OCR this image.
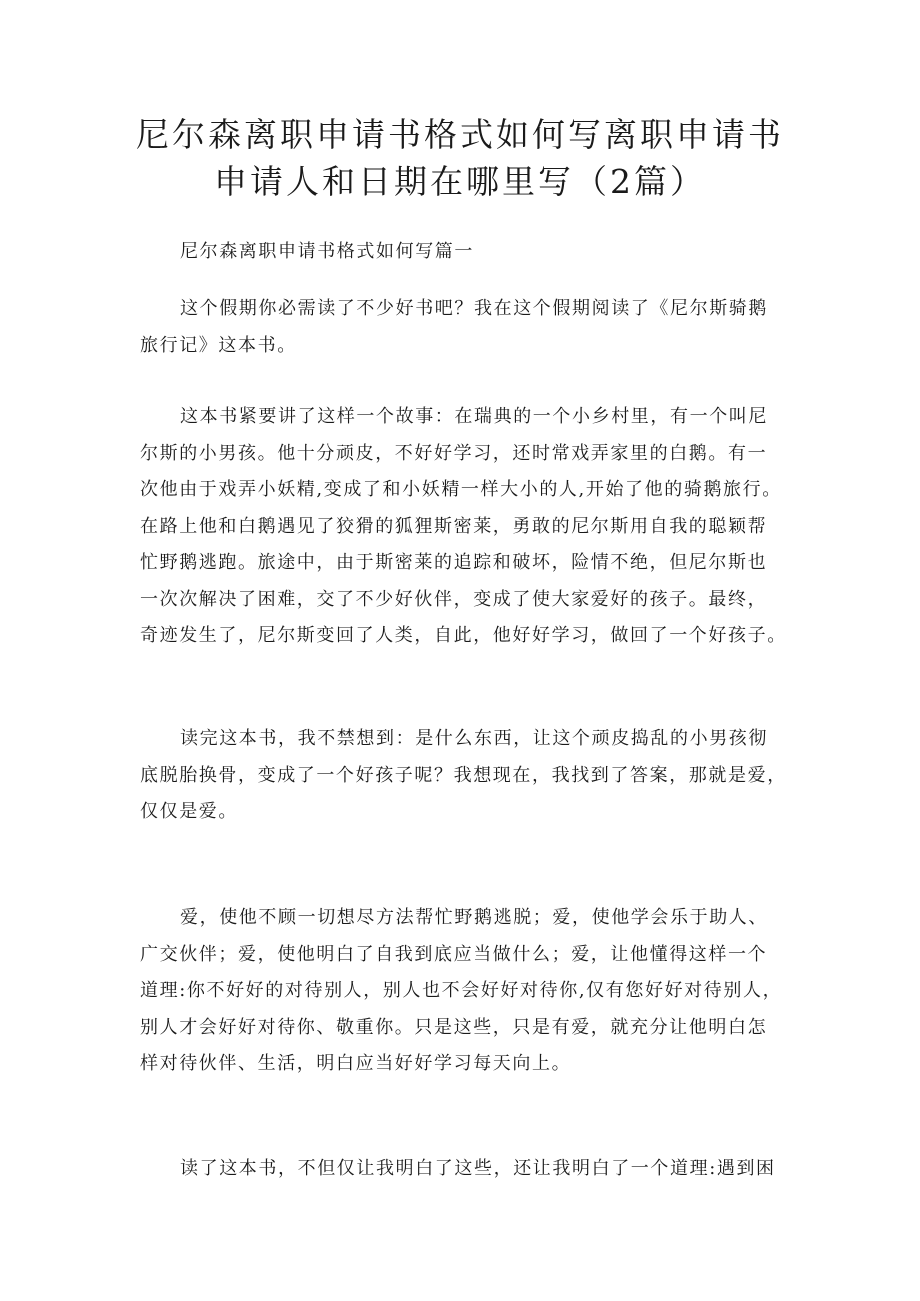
尼尔森离职申请书格式如何写离职申请书
申请人和日期在哪里写（2篇）

尼尔森离职申请书格式如何写篇一

这个假期你必需读了不少好书吧？我在这个假期阅读了《尼尔斯骑鹅
旅行记》这本书。

这本书紧要讲了这样一个故事：在瑞典的一个小乡村里，有一个叫尼
尔斯的小男孩。他十分顽皮，不好好学习，还时常戏弄家里的白鹅。有一
次他由于戏弄小妖精,变成了和小妖精一样大小的人,开始了他的骑鹅旅行。
在路上他和白鹅遇见了狡猾的狐狸斯密莱，勇敢的尼尔斯用自我的聪颖帮
忙野鹅逃跑。旅途中，由于斯密莱的追踪和破坏，险情不绝，但尼尔斯也
一次次解决了困难，交了不少好伙伴，变成了使大家爱好的孩子。最终，
奇迹发生了，尼尔斯变回了人类，自此，他好好学习，做回了一个好孩子。

读完这本书，我不禁想到：是什么东西，让这个顽皮捣乱的小男孩彻
底脱胎换骨，变成了一个好孩子呢？我想现在，我找到了答案，那就是爱，
仅仅是爱。

爱，使他不顾一切想尽方法帮忙野鹅逃脱；爱，使他学会乐于助人、
广交伙伴；爱，使他明白了自我到底应当做什么；爱，让他懂得这样一个
道理:你不好好的对待别人，别人也不会好好对待你,仅有您好好对待别人，
别人才会好好对待你、敬重你。只是这些，只是有爱，就充分让他明白怎
样对待伙伴、生活，明白应当好好学习每天向上。

读了这本书，不但仅让我明白了这些，还让我明白了一个道理:遇到困
